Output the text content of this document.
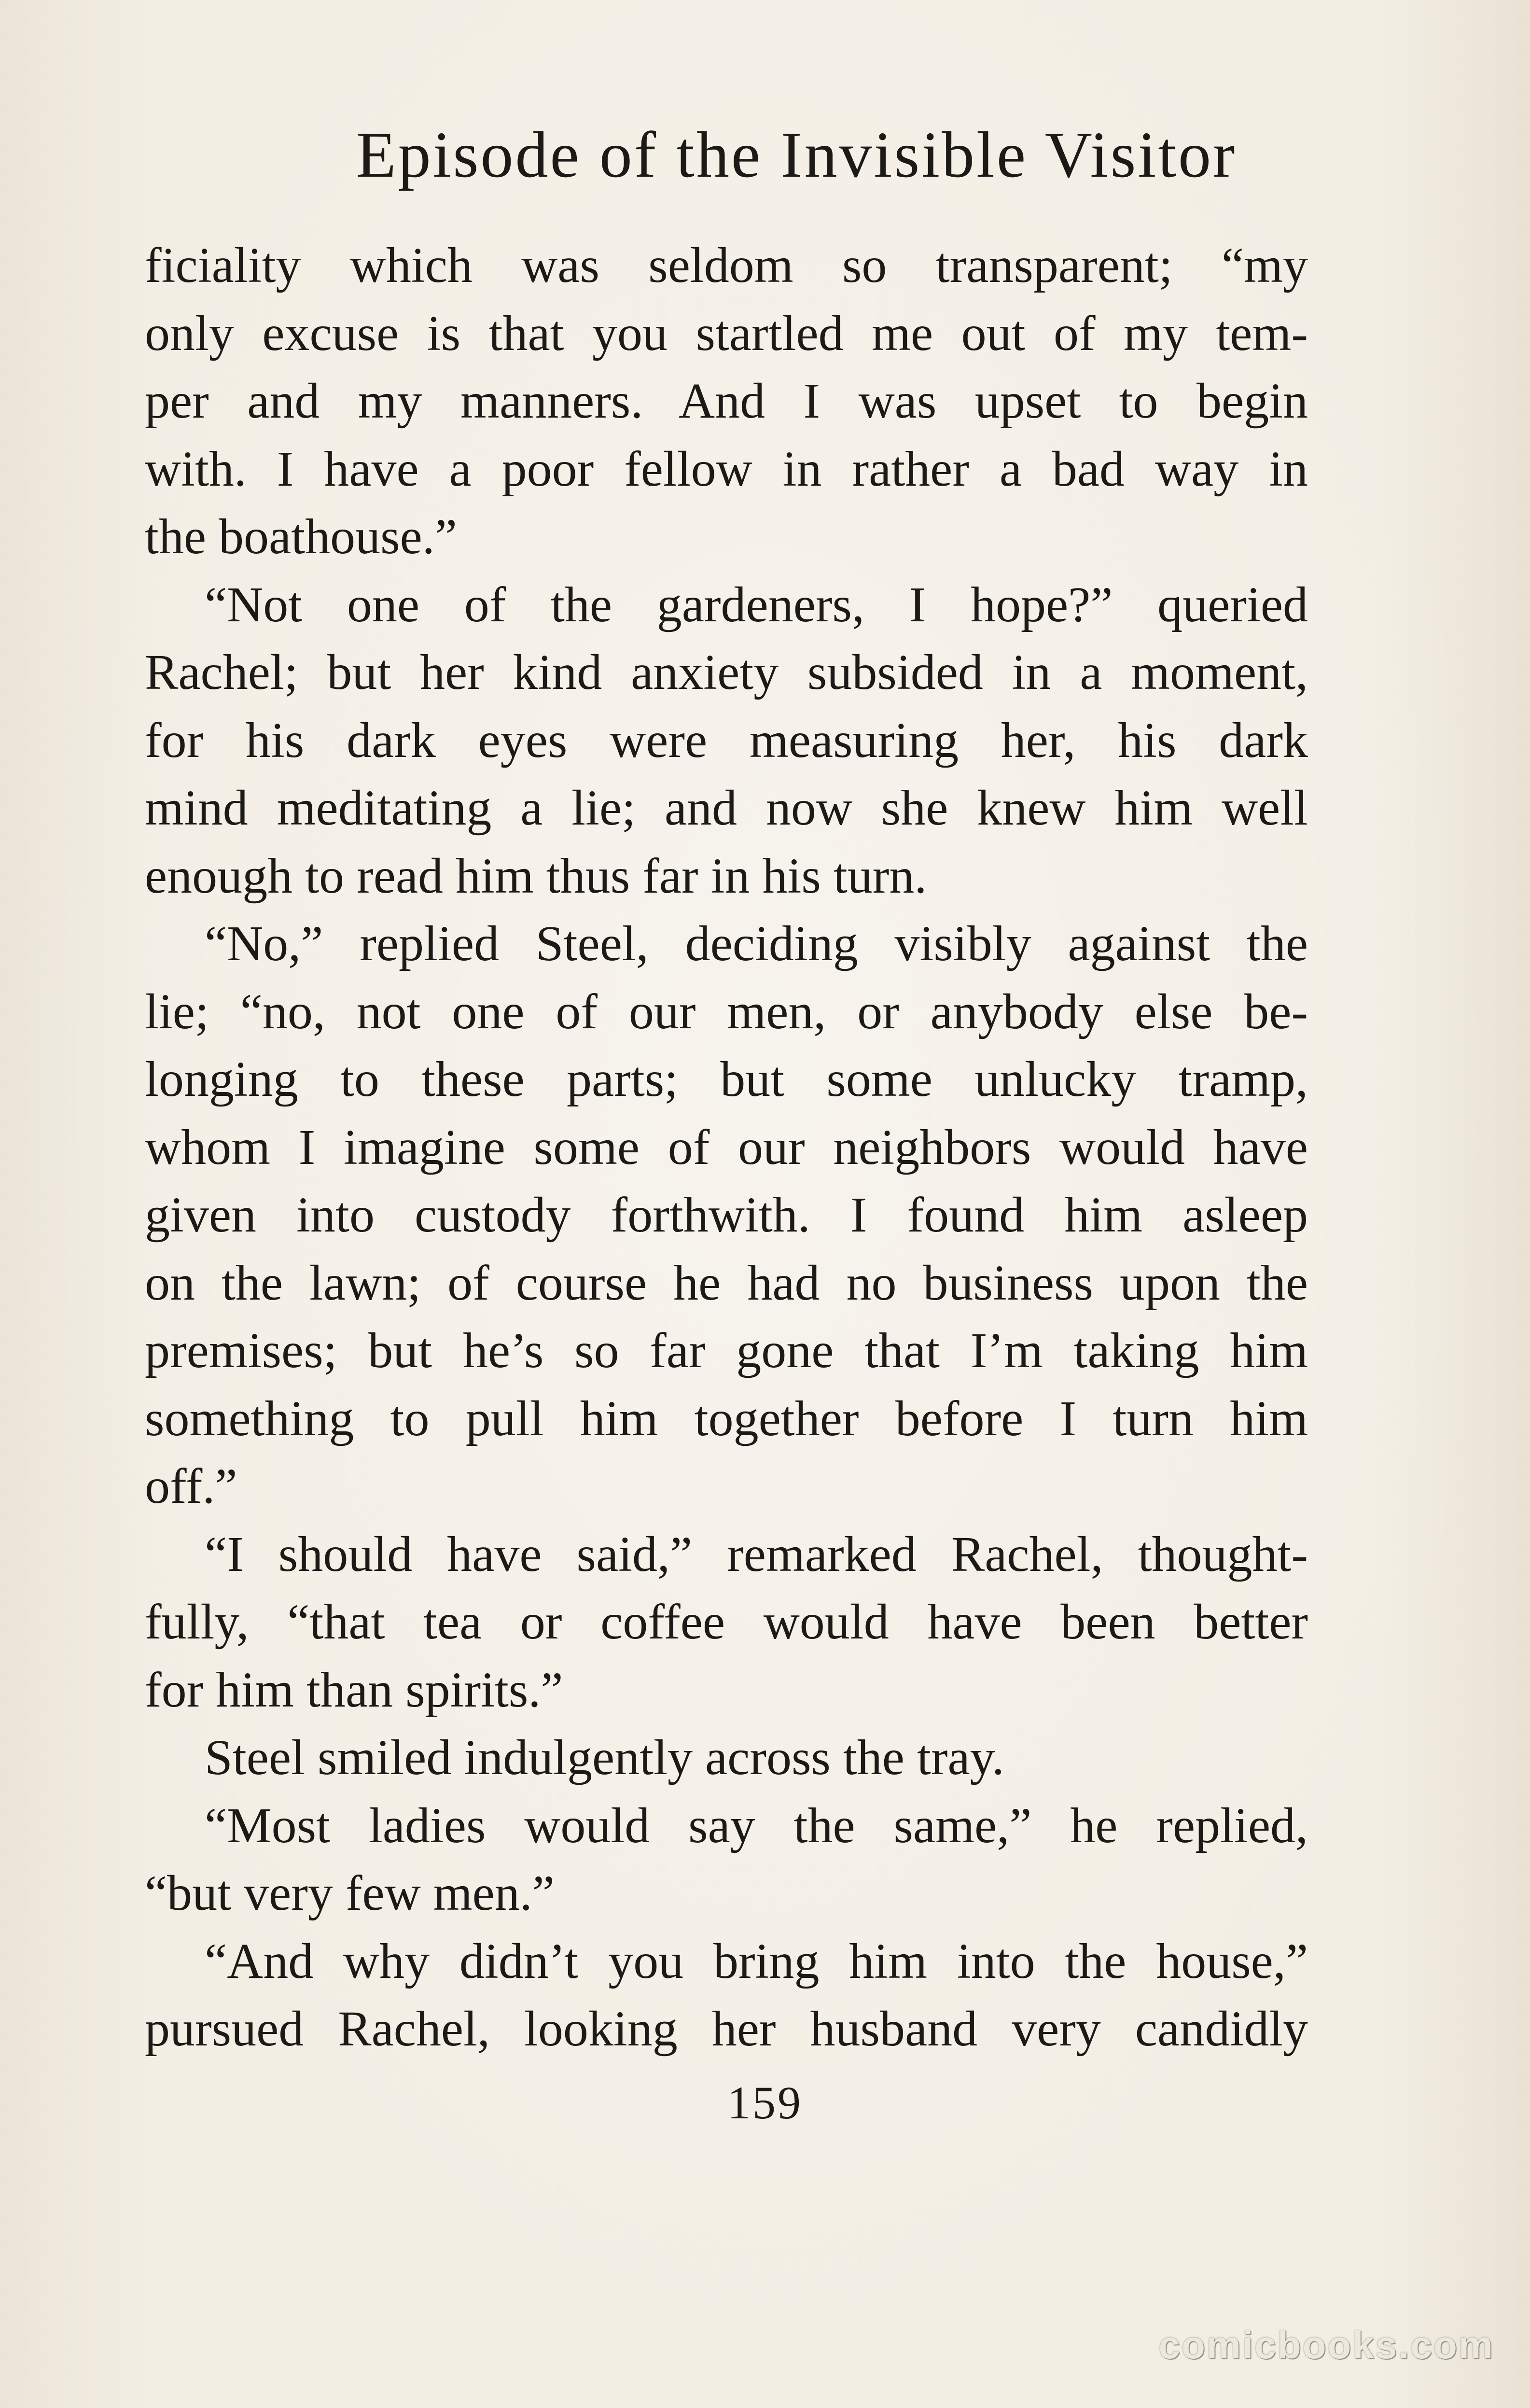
Episode of the Invisible Visitor
ficiality which was seldom so transparent; “my
only excuse is that you startled me out of my tem-
per and my manners. And I was upset to begin
with. I have a poor fellow in rather a bad way in
the boathouse.”
“Not one of the gardeners, I hope?” queried
Rachel; but her kind anxiety subsided in a moment,
for his dark eyes were measuring her, his dark
mind meditating a lie; and now she knew him well
enough to read him thus far in his turn.
“No,” replied Steel, deciding visibly against the
lie; “no, not one of our men, or anybody else be-
longing to these parts; but some unlucky tramp,
whom I imagine some of our neighbors would have
given into custody forthwith. I found him asleep
on the lawn; of course he had no business upon the
premises; but he’s so far gone that I’m taking him
something to pull him together before I turn him
off.”
“I should have said,” remarked Rachel, thought-
fully, “that tea or coffee would have been better
for him than spirits.”
Steel smiled indulgently across the tray.
“Most ladies would say the same,” he replied,
“but very few men.”
“And why didn’t you bring him into the house,”
pursued Rachel, looking her husband very candidly
159
comicbooks.com
